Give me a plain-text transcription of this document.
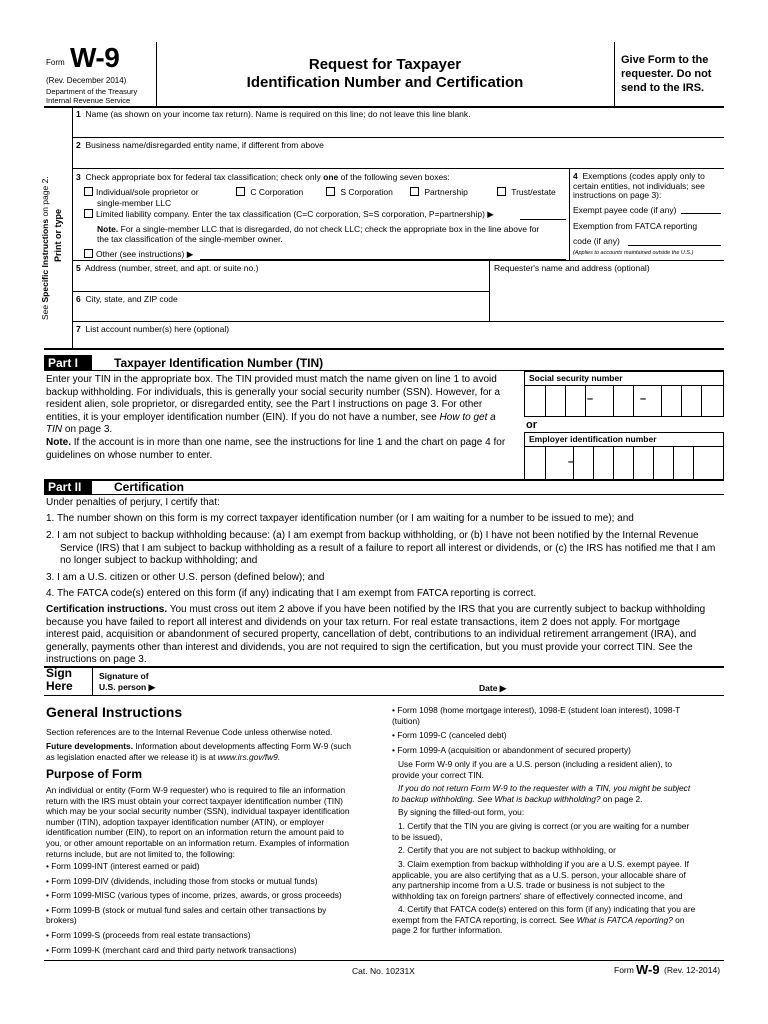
Form W-9
(Rev. December 2014)
Department of the Treasury
Internal Revenue Service
Request for Taxpayer
Identification Number and Certification
Give Form to the requester. Do not send to the IRS.
See Specific Instructions on page 2.
Print or type
1 Name (as shown on your income tax return). Name is required on this line; do not leave this line blank.
2 Business name/disregarded entity name, if different from above
3 Check appropriate box for federal tax classification; check only one of the following seven boxes:
Individual/sole proprietor or
single-member LLC
C Corporation	S Corporation	Partnership	Trust/estate
Limited liability company. Enter the tax classification (C=C corporation, S=S corporation, P=partnership) ▶
Note. For a single-member LLC that is disregarded, do not check LLC; check the appropriate box in the line above for
the tax classification of the single-member owner.
Other (see instructions) ▶
4 Exemptions (codes apply only to
certain entities, not individuals; see
instructions on page 3):
Exempt payee code (if any)
Exemption from FATCA reporting
code (if any)
(Applies to accounts maintained outside the U.S.)
5 Address (number, street, and apt. or suite no.)	Requester's name and address (optional)
6 City, state, and ZIP code
7 List account number(s) here (optional)
Part I	Taxpayer Identification Number (TIN)
Enter your TIN in the appropriate box. The TIN provided must match the name given on line 1 to avoid
backup withholding. For individuals, this is generally your social security number (SSN). However, for a
resident alien, sole proprietor, or disregarded entity, see the Part I instructions on page 3. For other
entities, it is your employer identification number (EIN). If you do not have a number, see How to get a
TIN on page 3.
Note. If the account is in more than one name, see the instructions for line 1 and the chart on page 4 for
guidelines on whose number to enter.
Social security number
–	–
or
Employer identification number
–
Part II	Certification
Under penalties of perjury, I certify that:
1. The number shown on this form is my correct taxpayer identification number (or I am waiting for a number to be issued to me); and
2. I am not subject to backup withholding because: (a) I am exempt from backup withholding, or (b) I have not been notified by the Internal Revenue
Service (IRS) that I am subject to backup withholding as a result of a failure to report all interest or dividends, or (c) the IRS has notified me that I am
no longer subject to backup withholding; and
3. I am a U.S. citizen or other U.S. person (defined below); and
4. The FATCA code(s) entered on this form (if any) indicating that I am exempt from FATCA reporting is correct.
Certification instructions. You must cross out item 2 above if you have been notified by the IRS that you are currently subject to backup withholding
because you have failed to report all interest and dividends on your tax return. For real estate transactions, item 2 does not apply. For mortgage
interest paid, acquisition or abandonment of secured property, cancellation of debt, contributions to an individual retirement arrangement (IRA), and
generally, payments other than interest and dividends, you are not required to sign the certification, but you must provide your correct TIN. See the
instructions on page 3.
Sign
Here
Signature of
U.S. person ▶	Date ▶
General Instructions
Section references are to the Internal Revenue Code unless otherwise noted.
Future developments. Information about developments affecting Form W-9 (such
as legislation enacted after we release it) is at www.irs.gov/fw9.
Purpose of Form
An individual or entity (Form W-9 requester) who is required to file an information
return with the IRS must obtain your correct taxpayer identification number (TIN)
which may be your social security number (SSN), individual taxpayer identification
number (ITIN), adoption taxpayer identification number (ATIN), or employer
identification number (EIN), to report on an information return the amount paid to
you, or other amount reportable on an information return. Examples of information
returns include, but are not limited to, the following:
• Form 1099-INT (interest earned or paid)
• Form 1099-DIV (dividends, including those from stocks or mutual funds)
• Form 1099-MISC (various types of income, prizes, awards, or gross proceeds)
• Form 1099-B (stock or mutual fund sales and certain other transactions by
brokers)
• Form 1099-S (proceeds from real estate transactions)
• Form 1099-K (merchant card and third party network transactions)
• Form 1098 (home mortgage interest), 1098-E (student loan interest), 1098-T
(tuition)
• Form 1099-C (canceled debt)
• Form 1099-A (acquisition or abandonment of secured property)
Use Form W-9 only if you are a U.S. person (including a resident alien), to
provide your correct TIN.
If you do not return Form W-9 to the requester with a TIN, you might be subject
to backup withholding. See What is backup withholding? on page 2.
By signing the filled-out form, you:
1. Certify that the TIN you are giving is correct (or you are waiting for a number
to be issued),
2. Certify that you are not subject to backup withholding, or
3. Claim exemption from backup withholding if you are a U.S. exempt payee. If
applicable, you are also certifying that as a U.S. person, your allocable share of
any partnership income from a U.S. trade or business is not subject to the
withholding tax on foreign partners' share of effectively connected income, and
4. Certify that FATCA code(s) entered on this form (if any) indicating that you are
exempt from the FATCA reporting, is correct. See What is FATCA reporting? on
page 2 for further information.
Cat. No. 10231X	Form W-9 (Rev. 12-2014)
